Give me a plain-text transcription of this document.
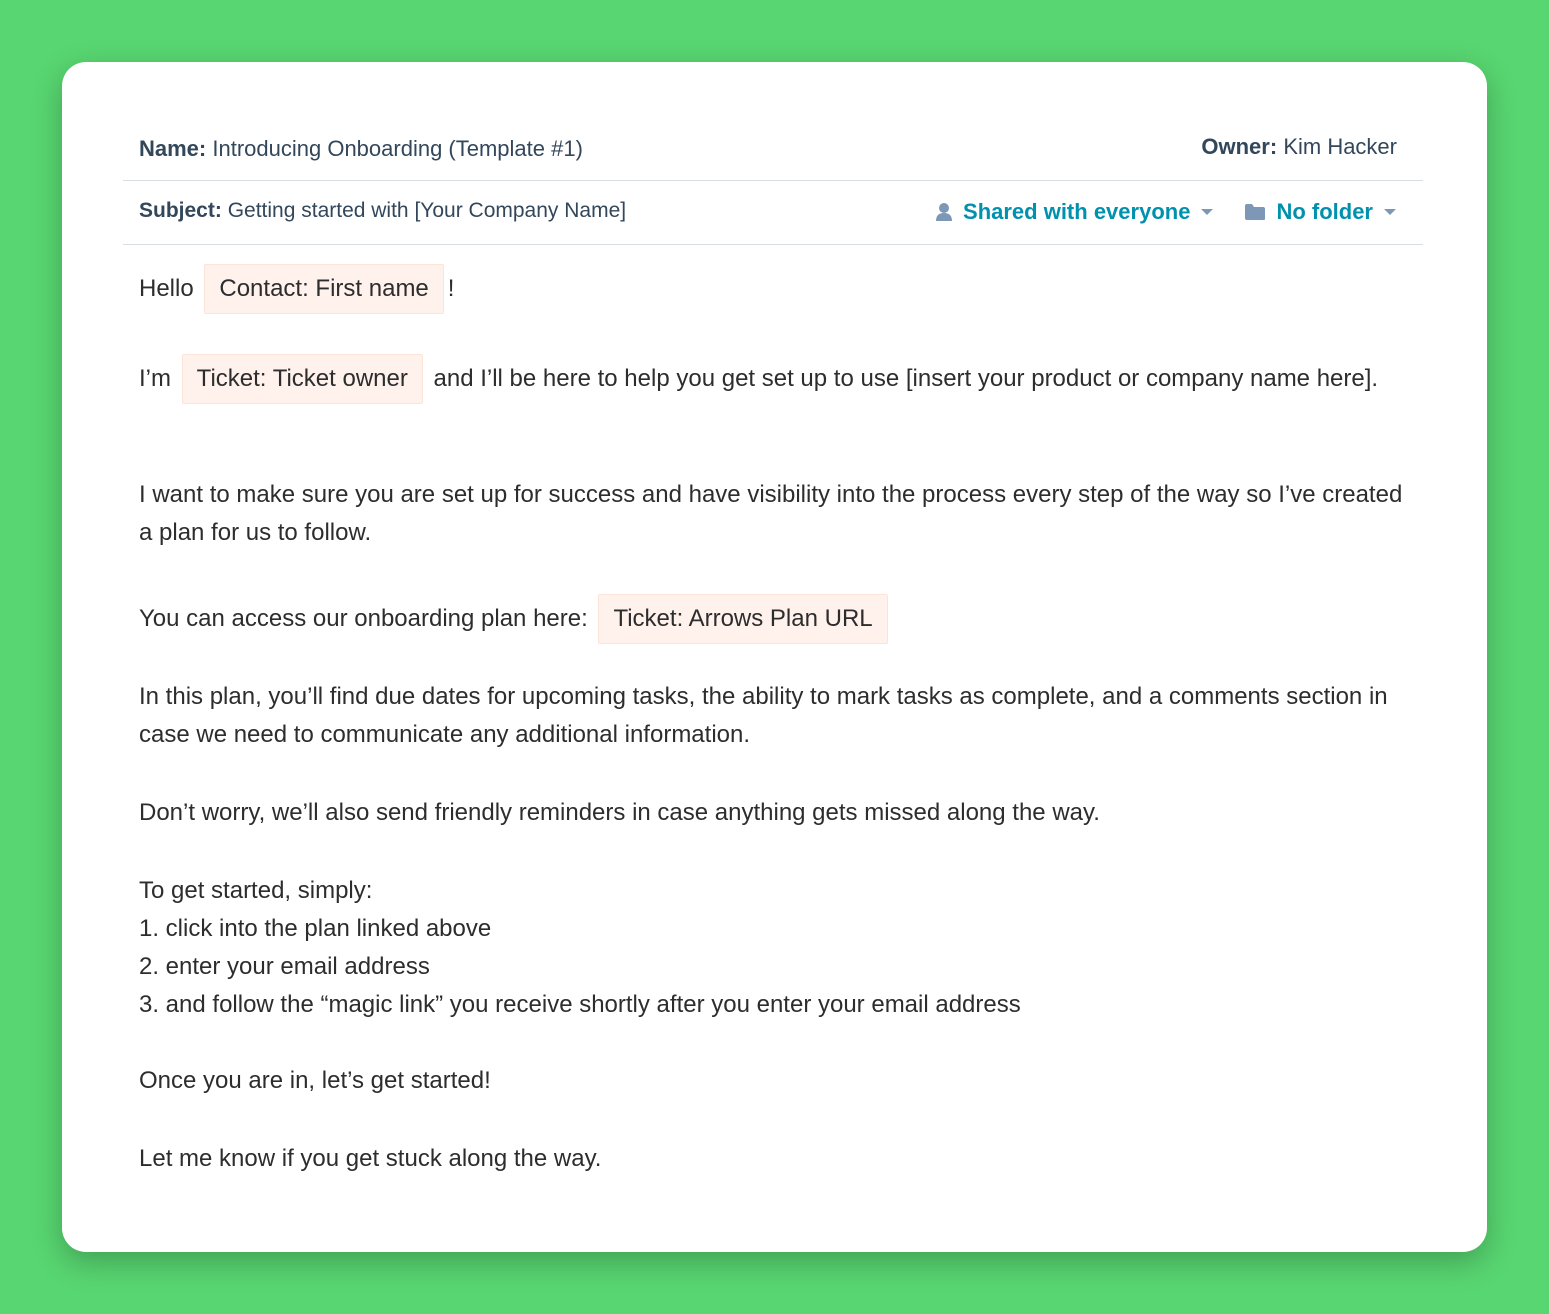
Name: Introducing Onboarding (Template #1)	Owner: Kim Hacker
Subject: Getting started with [Your Company Name]	Shared with everyone	No folder

Hello Contact: First name !

I’m Ticket: Ticket owner and I’ll be here to help you get set up to use [insert your product or company name here].

I want to make sure you are set up for success and have visibility into the process every step of the way so I’ve created a plan for us to follow.

You can access our onboarding plan here: Ticket: Arrows Plan URL

In this plan, you’ll find due dates for upcoming tasks, the ability to mark tasks as complete, and a comments section in case we need to communicate any additional information.

Don’t worry, we’ll also send friendly reminders in case anything gets missed along the way.

To get started, simply:

1. click into the plan linked above

2. enter your email address

3. and follow the “magic link” you receive shortly after you enter your email address

Once you are in, let’s get started!

Let me know if you get stuck along the way.
